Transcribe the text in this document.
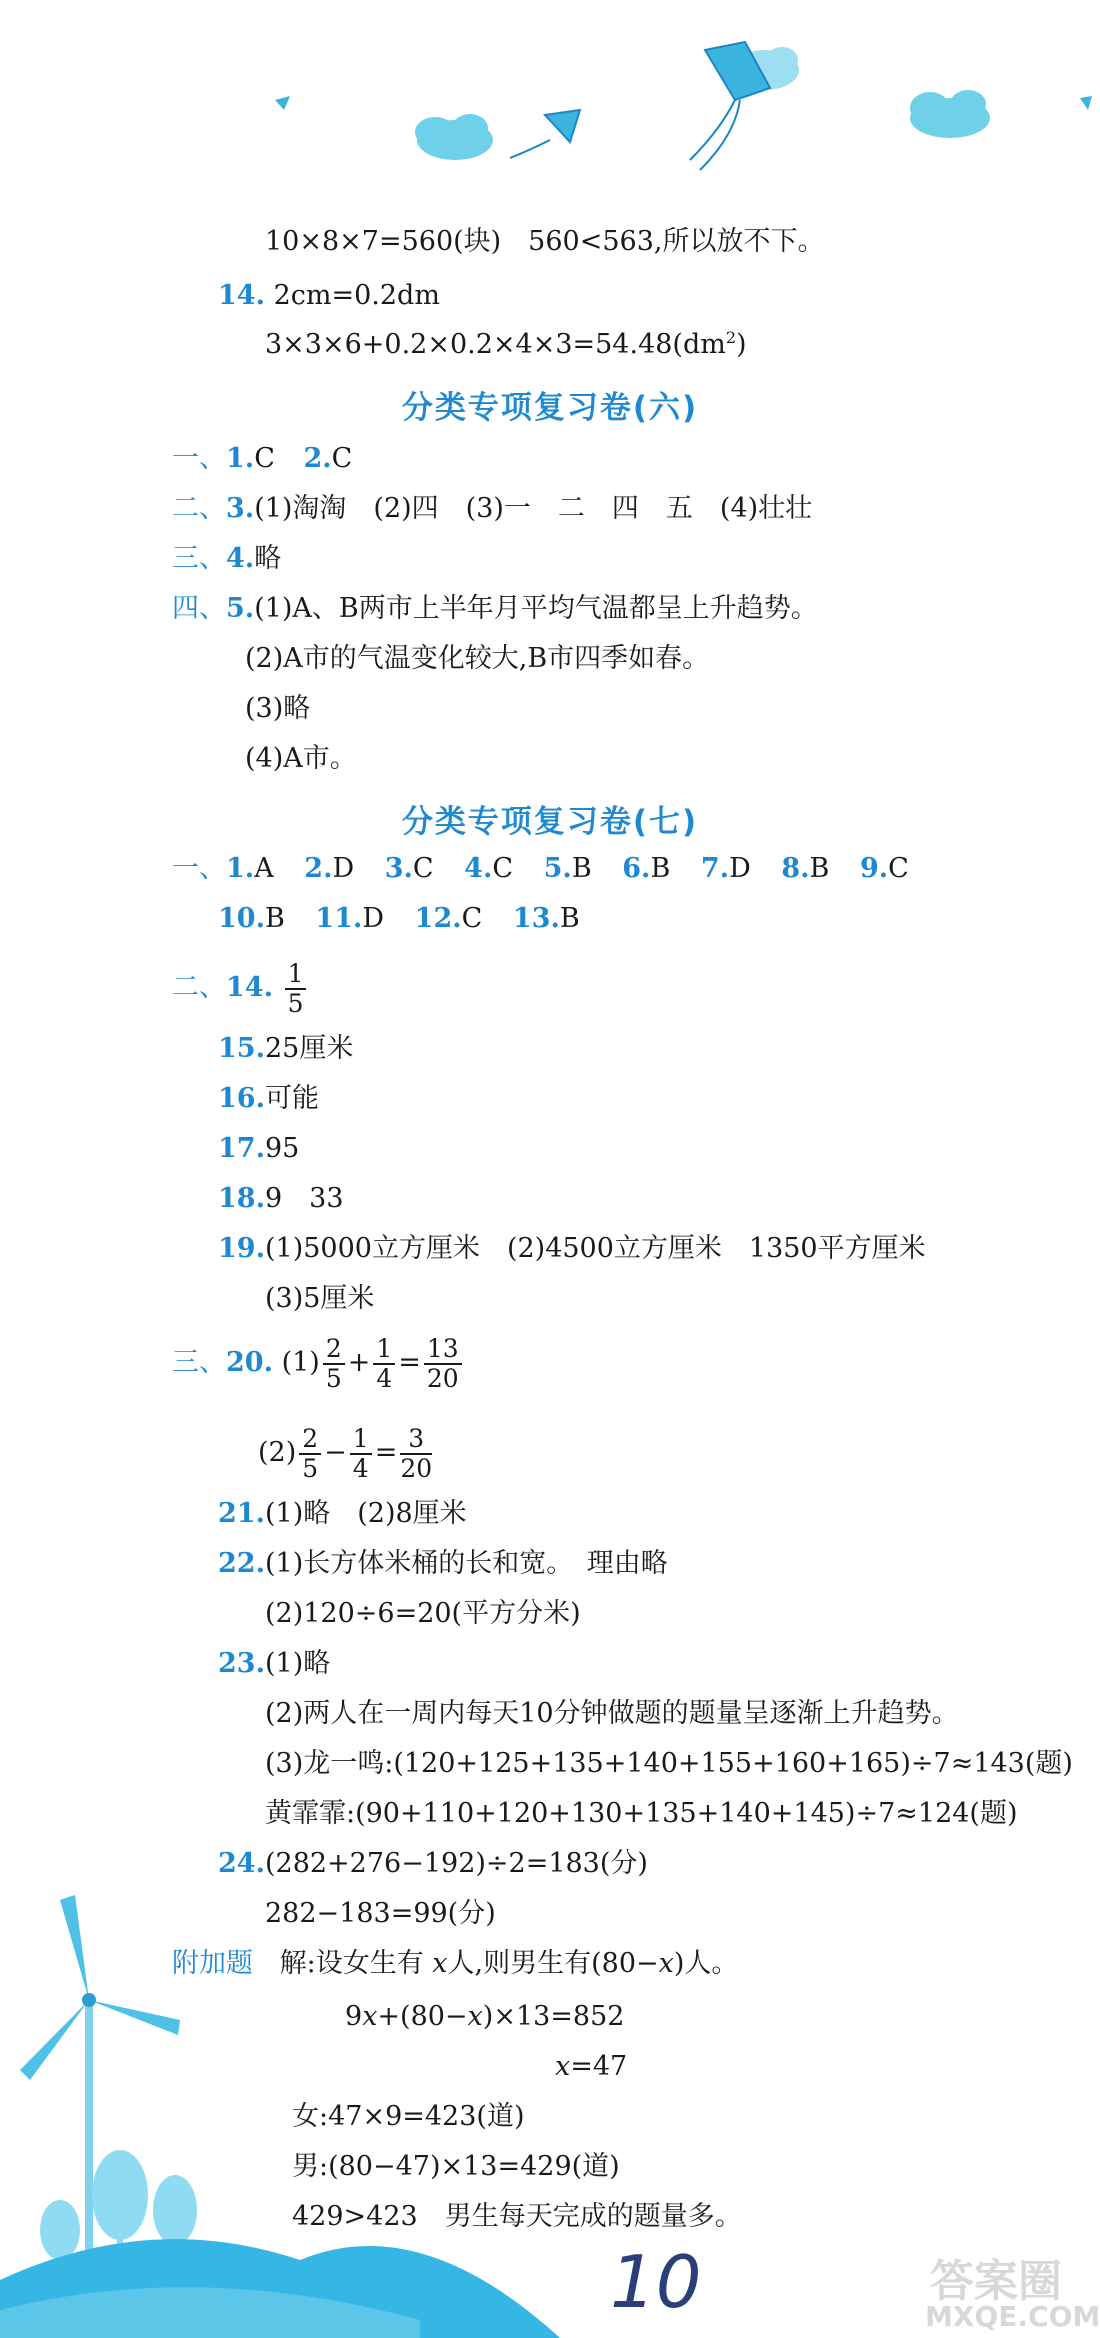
10×8×7=560(块)　560<563,所以放不下。
14. 2cm=0.2dm
$3\times 3\times 6+0.2\times 0.2\times 4\times 3=54.48(dm^2)$
分类专项复习卷(六)
一、1.C 2.C
二、3.(1)淘淘　(2)四　(3)一　二　四　五　(4)壮壮
三、4.略
四、5.(1)A、B两市上半年月平均气温都呈上升趋势。
(2)A市的气温变化较大,B市四季如春。
(3)略
(4)A市。
分类专项复习卷(七)
一、1.A 2.D 3.C 4.C 5.B 6.B 7.D 8.B 9.C
10.B 11.D 12.C 13.B
二、14. $\frac{1}{5}$
15.25厘米
16.可能
17.95
18.9　33
19.(1)5000立方厘米　(2)4500立方厘米　1350平方厘米
(3)5厘米
三、20. $(1) \frac{2}{5} + \frac{1}{4} = \frac{13}{20}$
$(2) \frac{2}{5} - \frac{1}{4} = \frac{3}{20}$
21.(1)略　(2)8厘米
22.(1)长方体米桶的长和宽。　理由略
(2)120÷6=20(平方分米)
23.(1)略
(2)两人在一周内每天10分钟做题的题量呈逐渐上升趋势。
(3)龙一鸣:(120+125+135+140+155+160+165)÷7≈143(题)
黄霏霏:(90+110+120+130+135+140+145)÷7≈124(题)
24.(282+276−192)÷2=183(分)
282−183=99(分)
附加题 解:设女生有 x人,则男生有(80−x)人。
9x+(80−x)×13=852
x=47
女:47×9=423(道)
男:(80−47)×13=429(道)
429>423　男生每天完成的题量多。
10	答案圈
MXQE.COM
